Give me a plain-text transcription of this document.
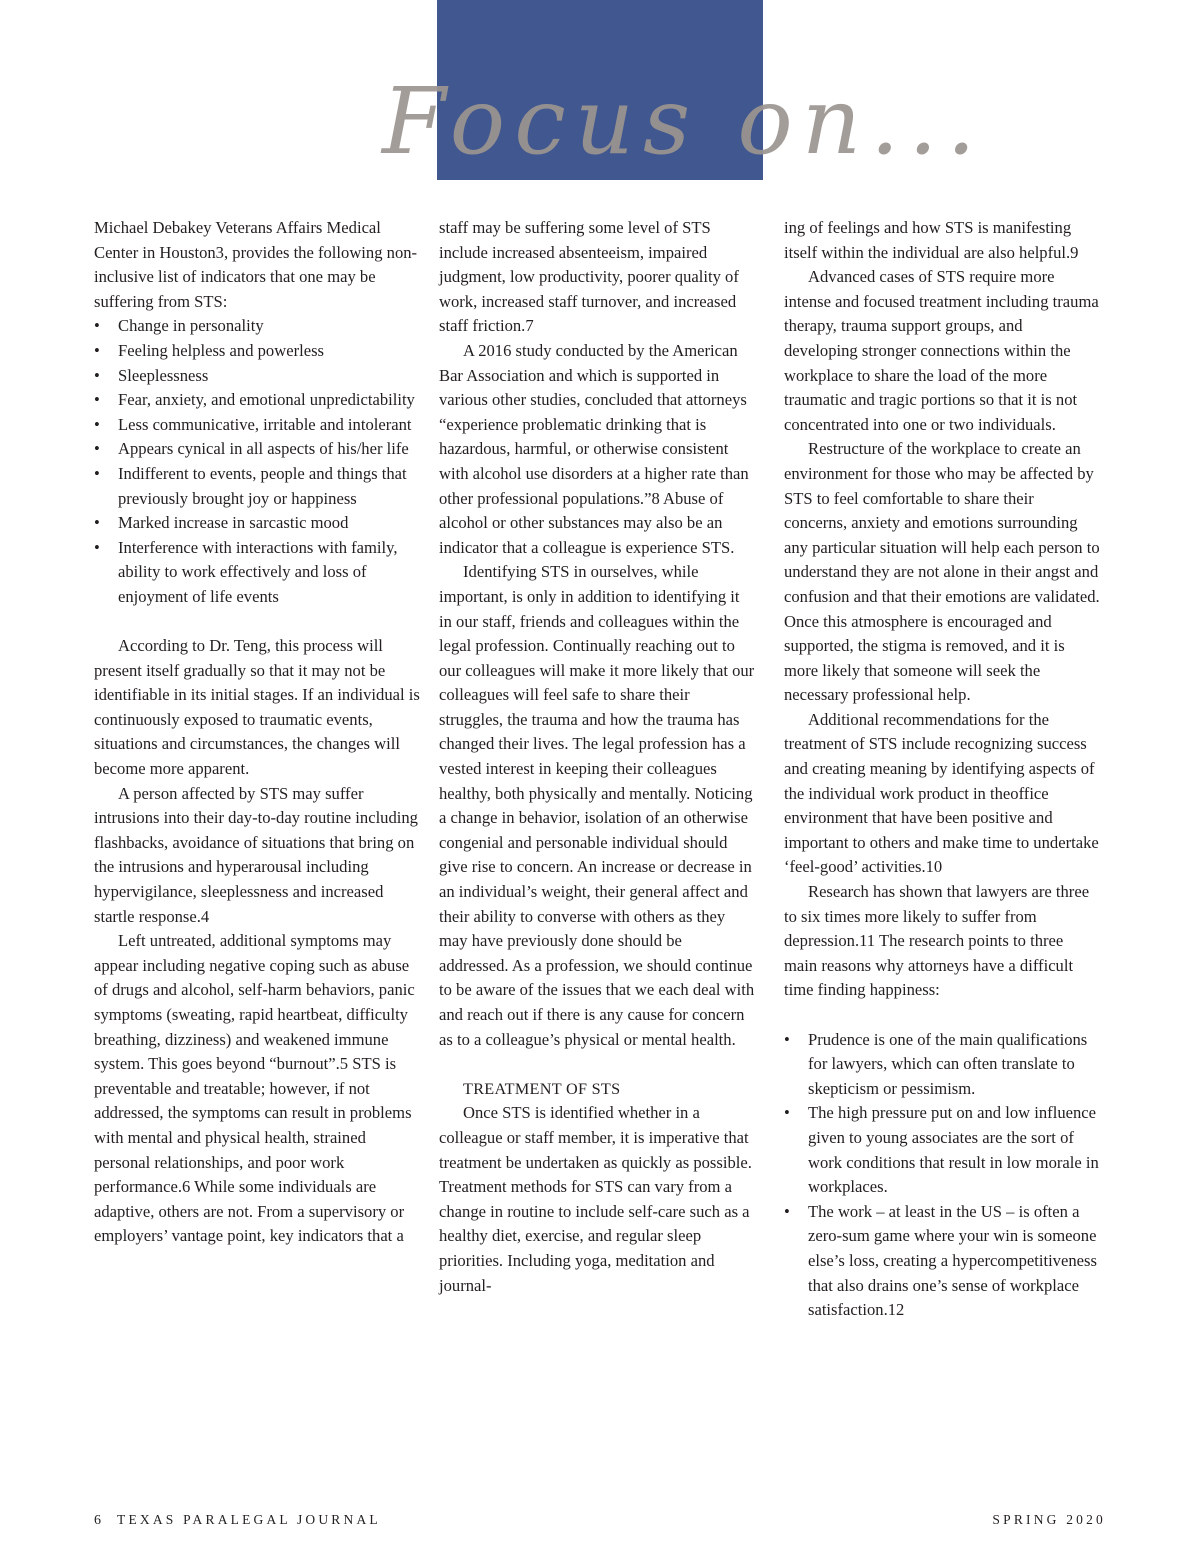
Focus on...

Michael Debakey Veterans Affairs Medical Center in Houston3, provides the following non-inclusive list of indicators that one may be suffering from STS:

• Change in personality
• Feeling helpless and powerless
• Sleeplessness
• Fear, anxiety, and emotional unpredictability
• Less communicative, irritable and intolerant
• Appears cynical in all aspects of his/her life
• Indifferent to events, people and things that previously brought joy or happiness
• Marked increase in sarcastic mood
• Interference with interactions with family, ability to work effectively and loss of enjoyment of life events

According to Dr. Teng, this process will present itself gradually so that it may not be identifiable in its initial stages. If an individual is continuously exposed to traumatic events, situations and circumstances, the changes will become more apparent.

A person affected by STS may suffer intrusions into their day-to-day routine including flashbacks, avoidance of situations that bring on the intrusions and hyperarousal including hypervigilance, sleeplessness and increased startle response.4

Left untreated, additional symptoms may appear including negative coping such as abuse of drugs and alcohol, self-harm behaviors, panic symptoms (sweating, rapid heartbeat, difficulty breathing, dizziness) and weakened immune system. This goes beyond “burnout”.5 STS is preventable and treatable; however, if not addressed, the symptoms can result in problems with mental and physical health, strained personal relationships, and poor work performance.6 While some individuals are adaptive, others are not. From a supervisory or employers’ vantage point, key indicators that a

staff may be suffering some level of STS include increased absenteeism, impaired judgment, low productivity, poorer quality of work, increased staff turnover, and increased staff friction.7

A 2016 study conducted by the American Bar Association and which is supported in various other studies, concluded that attorneys “experience problematic drinking that is hazardous, harmful, or otherwise consistent with alcohol use disorders at a higher rate than other professional populations.”8 Abuse of alcohol or other substances may also be an indicator that a colleague is experience STS.

Identifying STS in ourselves, while important, is only in addition to identifying it in our staff, friends and colleagues within the legal profession. Continually reaching out to our colleagues will make it more likely that our colleagues will feel safe to share their struggles, the trauma and how the trauma has changed their lives. The legal profession has a vested interest in keeping their colleagues healthy, both physically and mentally. Noticing a change in behavior, isolation of an otherwise congenial and personable individual should give rise to concern. An increase or decrease in an individual’s weight, their general affect and their ability to converse with others as they may have previously done should be addressed. As a profession, we should continue to be aware of the issues that we each deal with and reach out if there is any cause for concern as to a colleague’s physical or mental health.

TREATMENT OF STS

Once STS is identified whether in a colleague or staff member, it is imperative that treatment be undertaken as quickly as possible. Treatment methods for STS can vary from a change in routine to include self-care such as a healthy diet, exercise, and regular sleep priorities. Including yoga, meditation and journal-

ing of feelings and how STS is manifesting itself within the individual are also helpful.9

Advanced cases of STS require more intense and focused treatment including trauma therapy, trauma support groups, and developing stronger connections within the workplace to share the load of the more traumatic and tragic portions so that it is not concentrated into one or two individuals.

Restructure of the workplace to create an environment for those who may be affected by STS to feel comfortable to share their concerns, anxiety and emotions surrounding any particular situation will help each person to understand they are not alone in their angst and confusion and that their emotions are validated. Once this atmosphere is encouraged and supported, the stigma is removed, and it is more likely that someone will seek the necessary professional help.

Additional recommendations for the treatment of STS include recognizing success and creating meaning by identifying aspects of the individual work product in theoffice environment that have been positive and important to others and make time to undertake ‘feel-good’ activities.10

Research has shown that lawyers are three to six times more likely to suffer from depression.11 The research points to three main reasons why attorneys have a difficult time finding happiness:

• Prudence is one of the main qualifications for lawyers, which can often translate to skepticism or pessimism.
• The high pressure put on and low influence given to young associates are the sort of work conditions that result in low morale in workplaces.
• The work – at least in the US – is often a zero-sum game where your win is someone else’s loss, creating a hypercompetitiveness that also drains one’s sense of workplace satisfaction.12
6 TEXAS PARALEGAL JOURNAL	SPRING 2020
